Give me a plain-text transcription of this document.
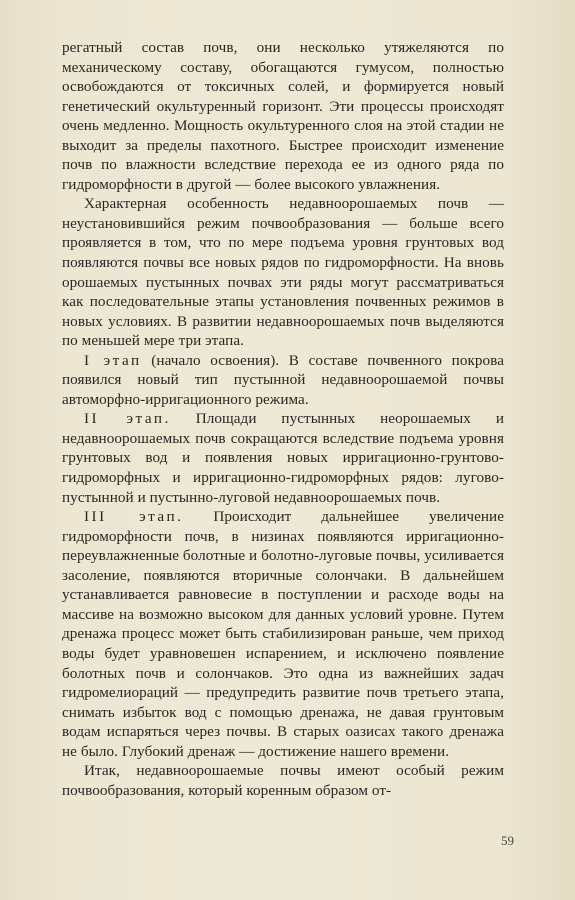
регатный состав почв, они несколько утяжеляются по механическому составу, обогащаются гумусом, полностью освобождаются от токсичных солей, и формируется новый генетический окультуренный горизонт. Эти процессы происходят очень медленно. Мощность окультуренного слоя на этой стадии не выходит за пределы пахотного. Быстрее происходит изменение почв по влажности вследствие перехода ее из одного ряда по гидроморфности в другой — более высокого увлажнения.

Характерная особенность недавноорошаемых почв — неустановившийся режим почвообразования — больше всего проявляется в том, что по мере подъема уровня грунтовых вод появляются почвы все новых рядов по гидроморфности. На вновь орошаемых пустынных почвах эти ряды могут рассматриваться как последовательные этапы установления почвенных режимов в новых условиях. В развитии недавноорошаемых почв выделяются по меньшей мере три этапа.

I этап (начало освоения). В составе почвенного покрова появился новый тип пустынной недавноорошаемой почвы автоморфно-ирригационного режима.

II этап. Площади пустынных неорошаемых и недавноорошаемых почв сокращаются вследствие подъема уровня грунтовых вод и появления новых ирригационно-грунтово-гидроморфных и ирригационно-гидроморфных рядов: лугово-пустынной и пустынно-луговой недавноорошаемых почв.

III этап. Происходит дальнейшее увеличение гидроморфности почв, в низинах появляются ирригационно-переувлажненные болотные и болотно-луговые почвы, усиливается засоление, появляются вторичные солончаки. В дальнейшем устанавливается равновесие в поступлении и расходе воды на массиве на возможно высоком для данных условий уровне. Путем дренажа процесс может быть стабилизирован раньше, чем приход воды будет уравновешен испарением, и исключено появление болотных почв и солончаков. Это одна из важнейших задач гидромелиораций — предупредить развитие почв третьего этапа, снимать избыток вод с помощью дренажа, не давая грунтовым водам испаряться через почвы. В старых оазисах такого дренажа не было. Глубокий дренаж — достижение нашего времени.

Итак, недавноорошаемые почвы имеют особый режим почвообразования, который коренным образом от-

59
